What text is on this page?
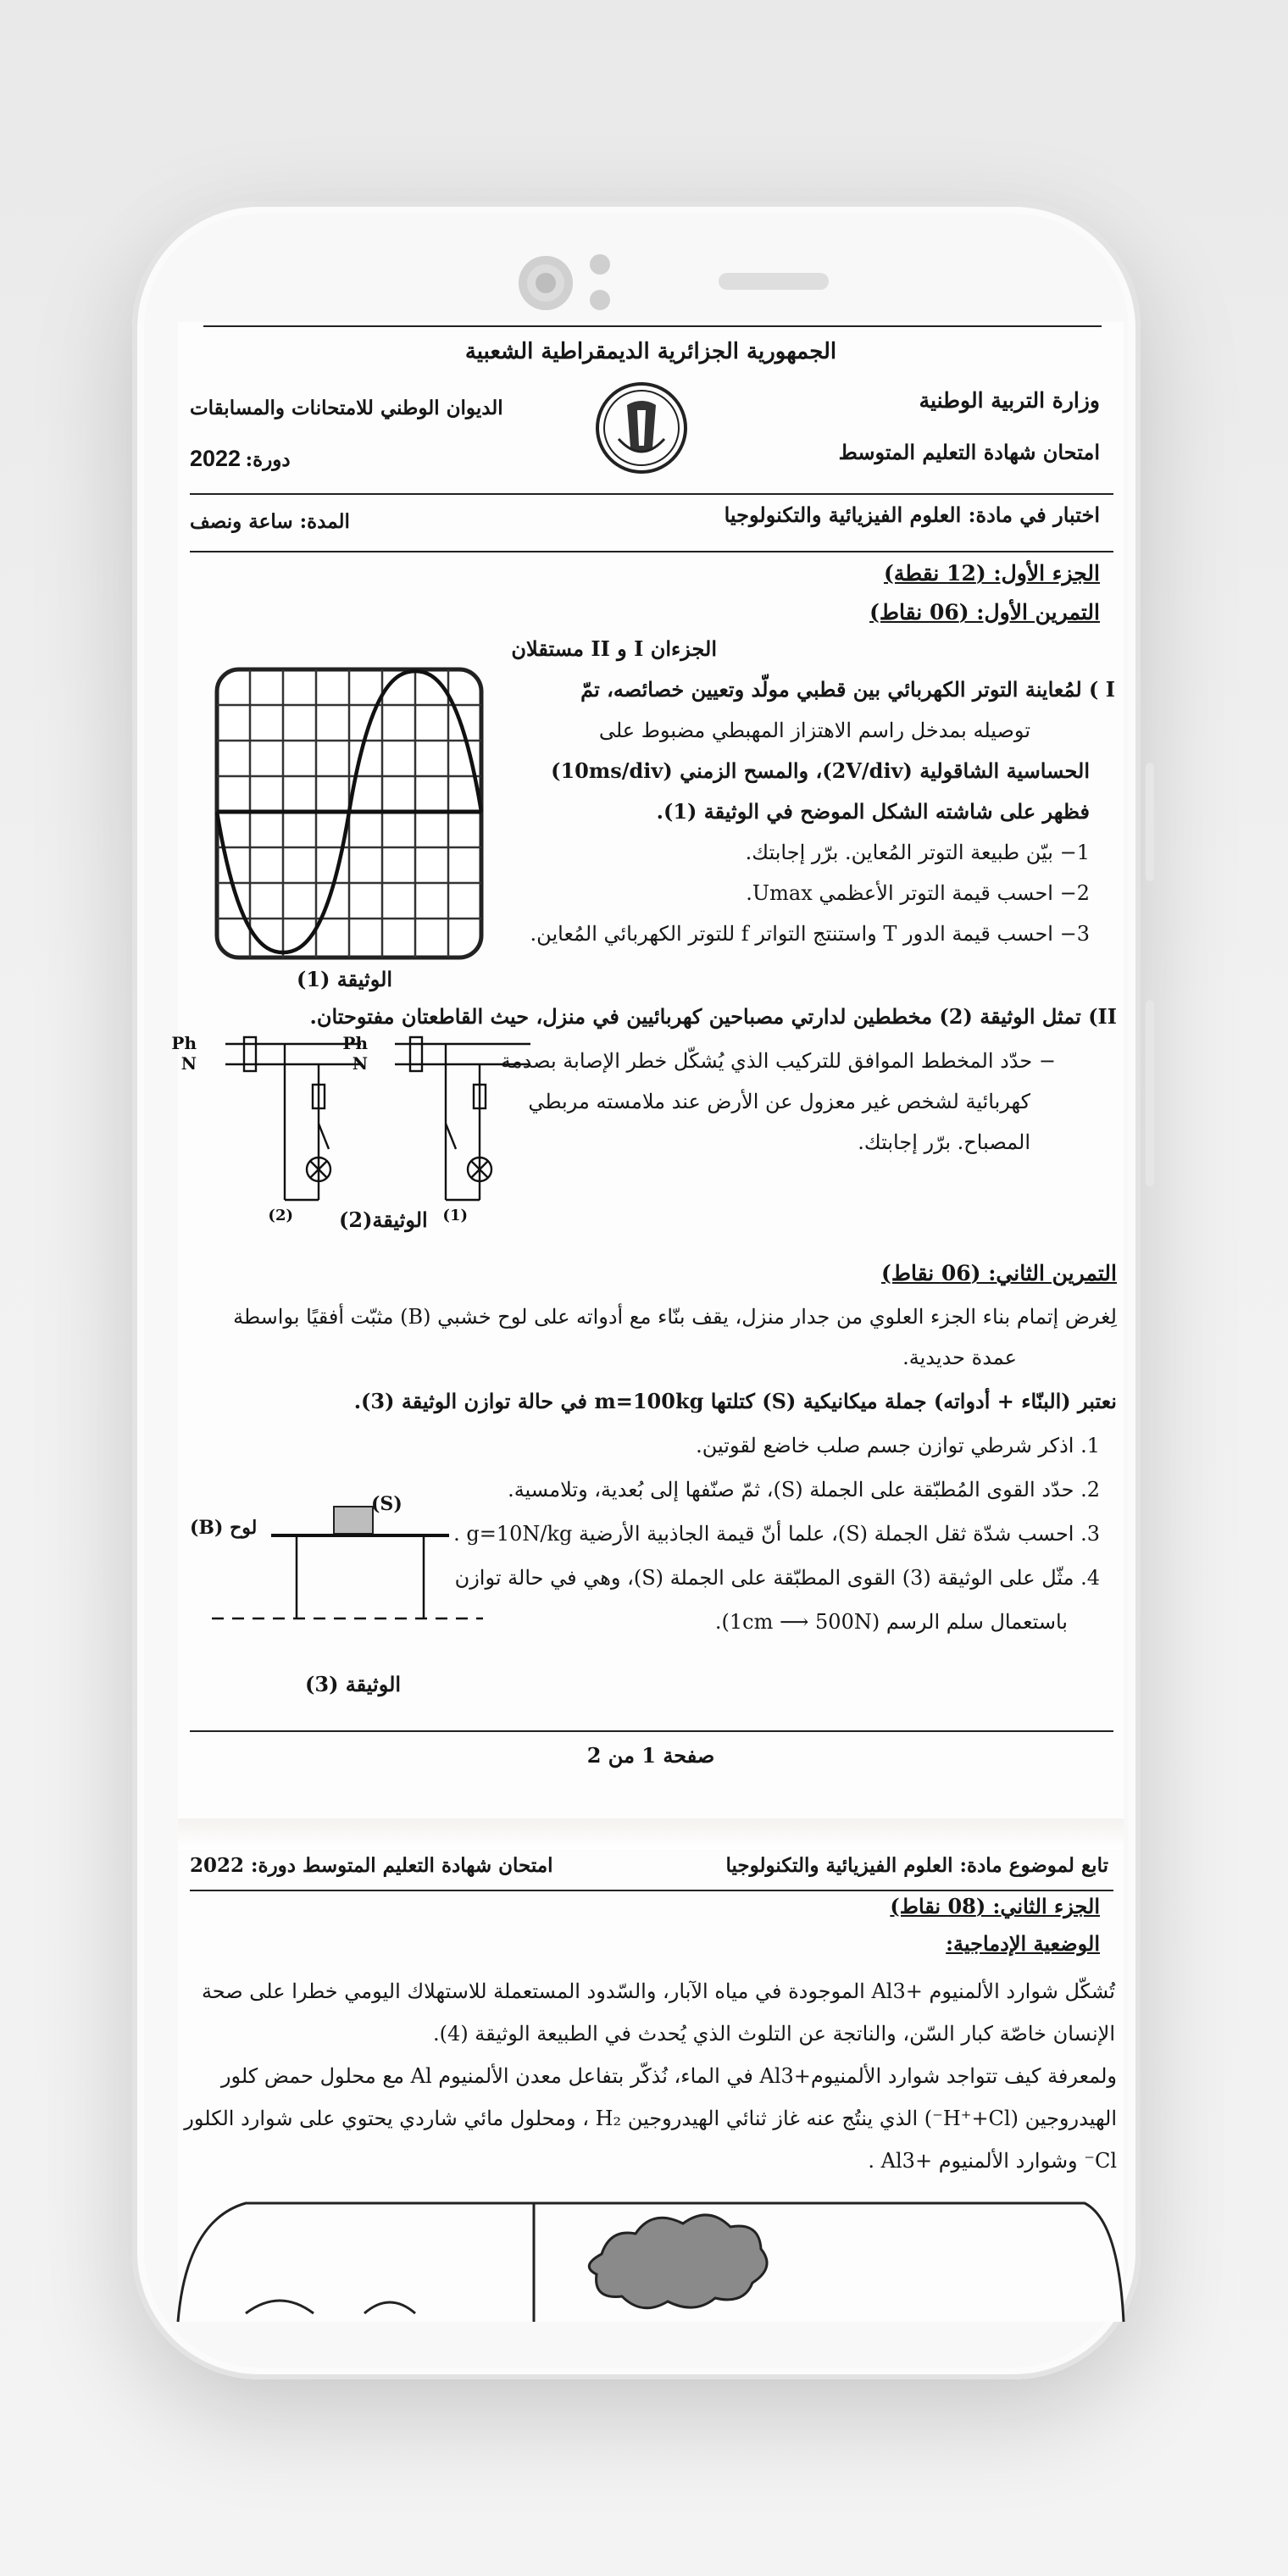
الجمهورية الجزائرية الديمقراطية الشعبية
وزارة التربية الوطنية
الديوان الوطني للامتحانات والمسابقات
امتحان شهادة التعليم المتوسط
دورة: 2022
اختبار في مادة: العلوم الفيزيائية والتكنولوجيا
المدة: ساعة ونصف
الجزء الأول: (12 نقطة)
التمرين الأول: (06 نقاط)
الجزءان I و II مستقلان
I ) لمُعاينة التوتر الكهربائي بين قطبي مولّد وتعيين خصائصه، تمّ
توصيله بمدخل راسم الاهتزاز المهبطي مضبوط على
الحساسية الشاقولية (2V/div)، والمسح الزمني (10ms/div)
فظهر على شاشته الشكل الموضح في الوثيقة (1).
1− بيّن طبيعة التوتر المُعاين. برّر إجابتك.
2− احسب قيمة التوتر الأعظمي Umax.
3− احسب قيمة الدور T واستنتج التواتر f للتوتر الكهربائي المُعاين.
الوثيقة (1)
II) تمثل الوثيقة (2) مخططين لدارتي مصباحين كهربائيين في منزل، حيث القاطعتان مفتوحتان.
− حدّد المخطط الموافق للتركيب الذي يُشكّل خطر الإصابة بصدمة
كهربائية لشخص غير معزول عن الأرض عند ملامسته مربطي
المصباح. برّر إجابتك.
Ph
N
Ph
N
(2)	(1)
الوثيقة(2)
التمرين الثاني: (06 نقاط)
لِغرض إتمام بناء الجزء العلوي من جدار منزل، يقف بنّاء مع أدواته على لوح خشبي (B) مثبّت أفقيًا بواسطة
عمدة حديدية.
نعتبر (البنّاء + أدواته) جملة ميكانيكية (S) كتلتها m=100kg في حالة توازن الوثيقة (3).
1. اذكر شرطي توازن جسم صلب خاضع لقوتين.
2. حدّد القوى المُطبّقة على الجملة (S)، ثمّ صنّفها إلى بُعدية، وتلامسية.
3. احسب شدّة ثقل الجملة (S)، علما أنّ قيمة الجاذبية الأرضية g=10N/kg .
4. مثّل على الوثيقة (3) القوى المطبّقة على الجملة (S)، وهي في حالة توازن
باستعمال سلم الرسم (1cm ⟶ 500N).
(S)
لوح (B)
الوثيقة (3)
صفحة 1 من 2
تابع لموضوع مادة: العلوم الفيزيائية والتكنولوجيا
امتحان شهادة التعليم المتوسط دورة: 2022
الجزء الثاني: (08 نقاط)
الوضعية الإدماجية:
تُشكّل شوارد الألمنيوم +Al3 الموجودة في مياه الآبار، والسّدود المستعملة للاستهلاك اليومي خطرا على صحة
الإنسان خاصّة كبار السّن، والناتجة عن التلوث الذي يُحدث في الطبيعة الوثيقة (4).
ولمعرفة كيف تتواجد شوارد الألمنيوم+Al3 في الماء، نُذكّر بتفاعل معدن الألمنيوم Al مع محلول حمض كلور
الهيدروجين (H⁺+Cl⁻) الذي ينتُج عنه غاز ثنائي الهيدروجين H₂ ، ومحلول مائي شاردي يحتوي على شوارد الكلور
Cl⁻ وشوارد الألمنيوم +Al3 .
